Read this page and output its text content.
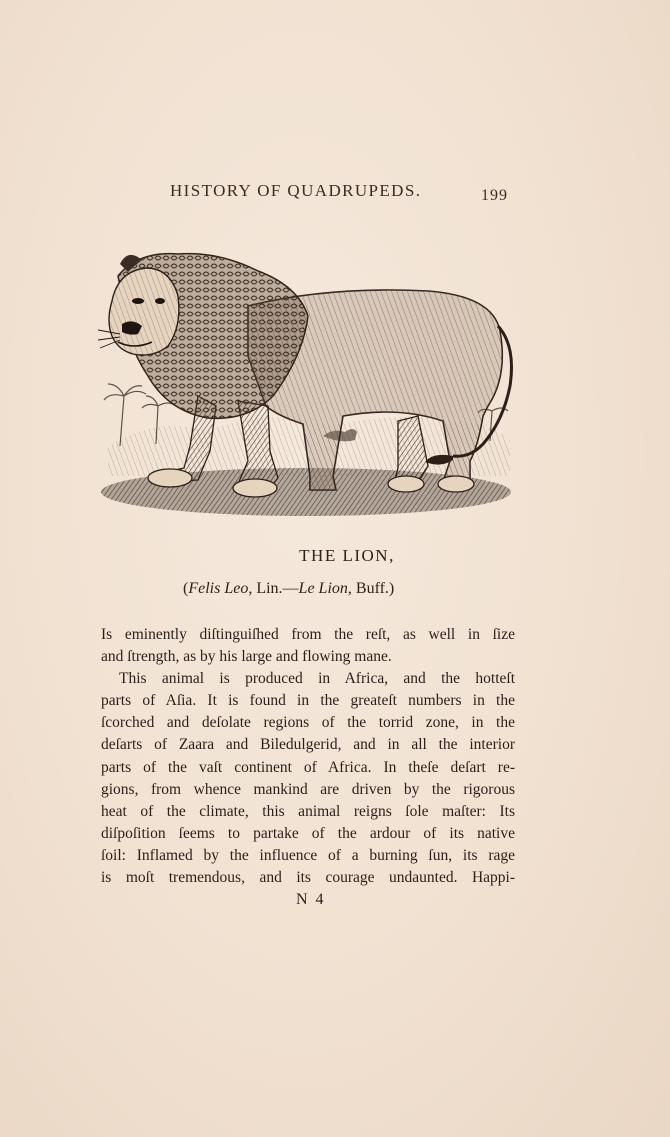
HISTORY OF QUADRUPEDS.	199
TB
THE LION,
(Felis Leo, Lin.—Le Lion, Buff.)
Is eminently diſtinguiſhed from the reſt, as well in ſize
and ſtrength, as by his large and flowing mane.
This animal is produced in Africa, and the hotteſt
parts of Aſia. It is found in the greateſt numbers in the
ſcorched and deſolate regions of the torrid zone, in the
deſarts of Zaara and Biledulgerid, and in all the interior
parts of the vaſt continent of Africa. In theſe deſart re-
gions, from whence mankind are driven by the rigorous
heat of the climate, this animal reigns ſole maſter: Its
diſpoſition ſeems to partake of the ardour of its native
ſoil: Inflamed by the influence of a burning ſun, its rage
is moſt tremendous, and its courage undaunted. Happi-
N 4
